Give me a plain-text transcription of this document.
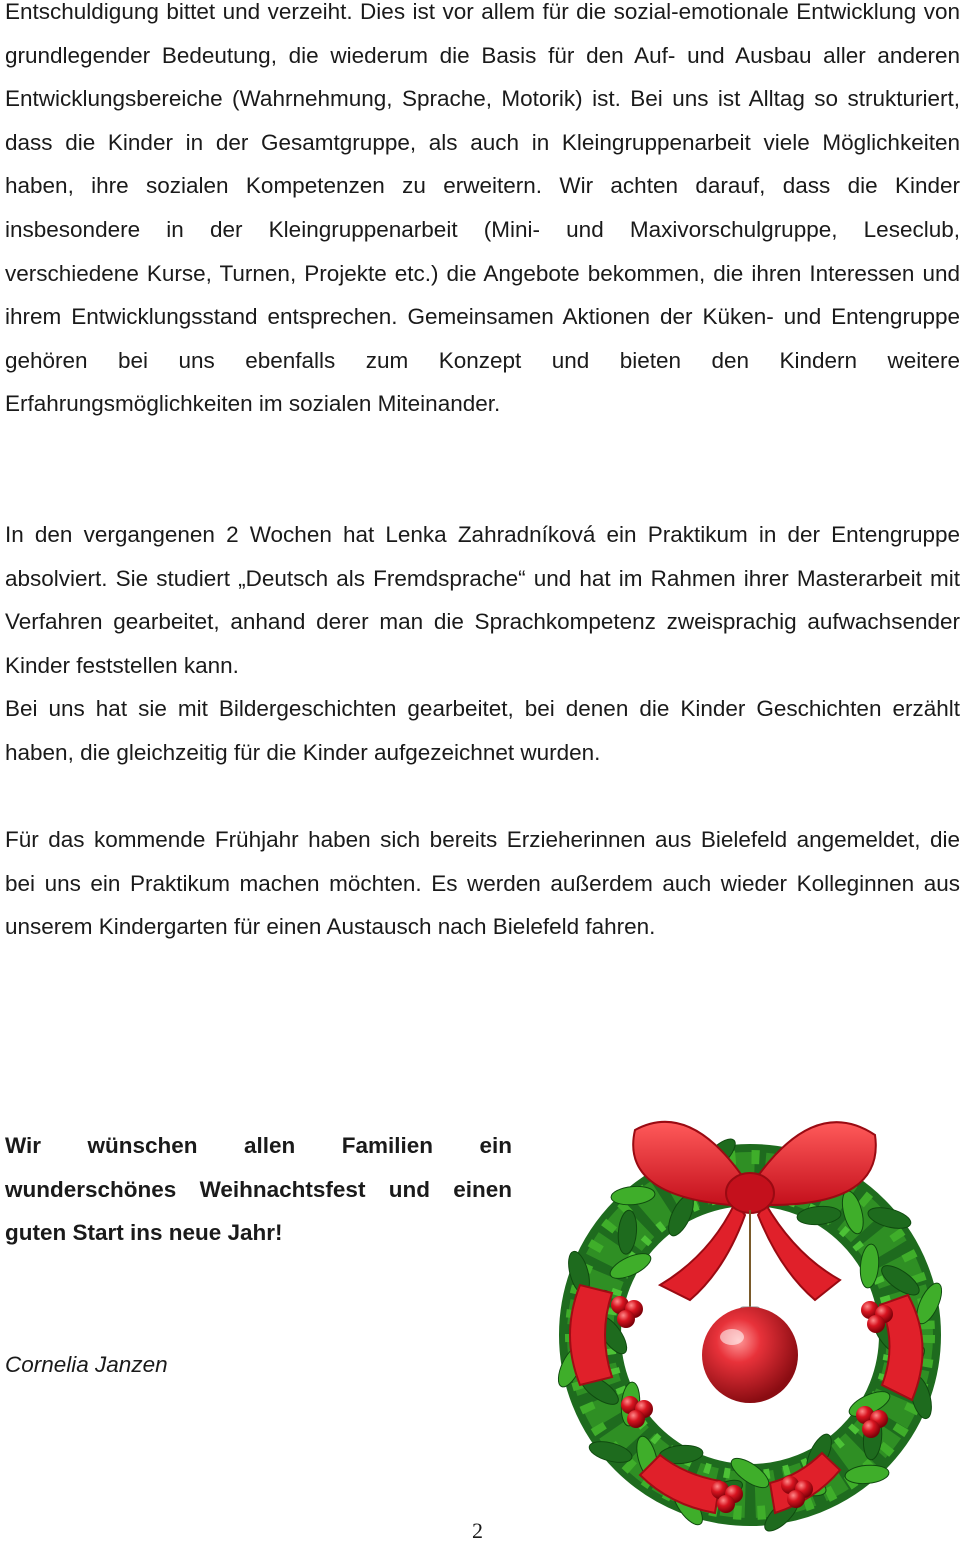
Entschuldigung bittet und verzeiht. Dies ist vor allem für die sozial-emotionale Entwicklung von grundlegender Bedeutung, die wiederum die Basis für den Auf- und Ausbau aller anderen Entwicklungsbereiche (Wahrnehmung, Sprache, Motorik) ist. Bei uns ist Alltag so strukturiert, dass die Kinder in der Gesamtgruppe, als auch in Kleingruppenarbeit viele Möglichkeiten haben, ihre sozialen Kompetenzen zu erweitern. Wir achten darauf, dass die Kinder insbesondere in der Kleingruppenarbeit (Mini- und Maxivorschulgruppe, Leseclub, verschiedene Kurse, Turnen, Projekte etc.) die Angebote bekommen, die ihren Interessen und ihrem Entwicklungsstand entsprechen. Gemeinsamen Aktionen der Küken- und Entengruppe gehören bei uns ebenfalls zum Konzept und bieten den Kindern weitere Erfahrungsmöglichkeiten im sozialen Miteinander.

In den vergangenen 2 Wochen hat Lenka Zahradníková ein Praktikum in der Entengruppe absolviert. Sie studiert „Deutsch als Fremdsprache“ und hat im Rahmen ihrer Masterarbeit mit Verfahren gearbeitet, anhand derer man die Sprachkompetenz zweisprachig aufwachsender Kinder feststellen kann.

Bei uns hat sie mit Bildergeschichten gearbeitet, bei denen die Kinder Geschichten erzählt haben, die gleichzeitig für die Kinder aufgezeichnet wurden.

Für das kommende Frühjahr haben sich bereits Erzieherinnen aus Bielefeld angemeldet, die bei uns ein Praktikum machen möchten. Es werden außerdem auch wieder Kolleginnen aus unserem Kindergarten für einen Austausch nach Bielefeld fahren.

Wir wünschen allen Familien ein wunderschönes Weihnachtsfest und einen guten Start ins neue Jahr!

Cornelia Janzen

2
